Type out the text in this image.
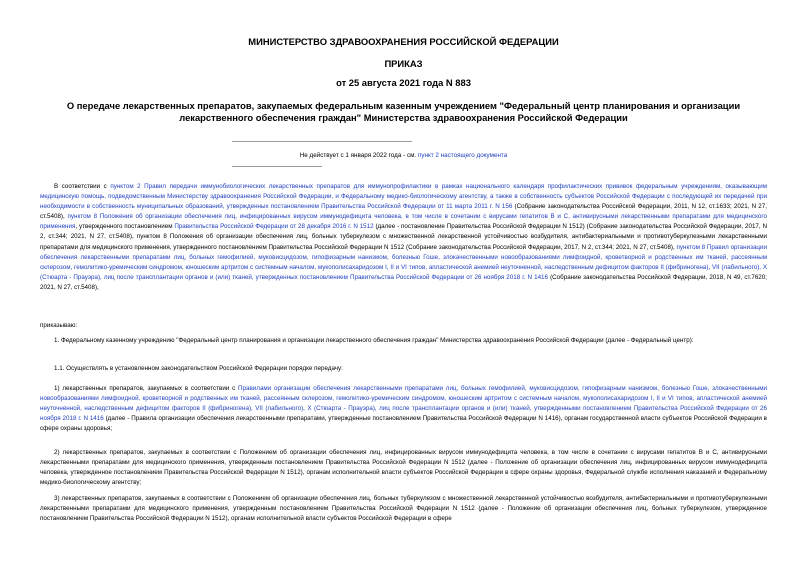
МИНИСТЕРСТВО ЗДРАВООХРАНЕНИЯ РОССИЙСКОЙ ФЕДЕРАЦИИ
ПРИКАЗ
от 25 августа 2021 года N 883
О передаче лекарственных препаратов, закупаемых федеральным казенным учреждением "Федеральный центр планирования и организации лекарственного обеспечения граждан" Министерства здравоохранения Российской Федерации
Не действует с 1 января 2022 года - см. пункт 2 настоящего документа
В соответствии с пунктом 2 Правил передачи иммунобиологических лекарственных препаратов для иммунопрофилактики в рамках национального календаря профилактических прививок федеральным учреждениям, оказывающим медицинскую помощь, подведомственным Министерству здравоохранения Российской Федерации, и Федеральному медико-биологическому агентству, а также в собственность субъектов Российской Федерации с последующей их передачей при необходимости в собственность муниципальных образований, утвержденных постановлением Правительства Российской Федерации от 11 марта 2011 г. N 156 (Собрание законодательства Российской Федерации, 2011, N 12, ст.1633; 2021, N 27, ст.5408), пунктом 8 Положения об организации обеспечения лиц, инфицированных вирусом иммунодефицита человека, в том числе в сочетании с вирусами гепатитов B и C, антивирусными лекарственными препаратами для медицинского применения, утвержденного постановлением Правительства Российской Федерации от 28 декабря 2016 г. N 1512 (далее - постановление Правительства Российской Федерации N 1512) (Собрание законодательства Российской Федерации, 2017, N 2, ст.344; 2021, N 27, ст.5408), пунктом 8 Положения об организации обеспечения лиц, больных туберкулезом с множественной лекарственной устойчивостью возбудителя, антибактериальными и противотуберкулезными лекарственными препаратами для медицинского применения, утвержденного постановлением Правительства Российской Федерации N 1512 (Собрание законодательства Российской Федерации, 2017, N 2, ст.344; 2021, N 27, ст.5408), пунктом 8 Правил организации обеспечения лекарственными препаратами лиц, больных гемофилией, муковисцидозом, гипофизарным нанизмом, болезнью Гоше, злокачественными новообразованиями лимфоидной, кроветворной и родственных им тканей, рассеянным склерозом, гемолитико-уремическим синдромом, юношеским артритом с системным началом, мукополисахаридозом I, II и VI типов, апластической анемией неуточненной, наследственным дефицитом факторов II (фибриногена), VII (лабильного), X (Стюарта - Прауэра), лиц после трансплантации органов и (или) тканей, утвержденных постановлением Правительства Российской Федерации от 26 ноября 2018 г. N 1416 (Собрание законодательства Российской Федерации, 2018, N 49, ст.7620; 2021, N 27, ст.5408),
приказываю:
1. Федеральному казенному учреждению "Федеральный центр планирования и организации лекарственного обеспечения граждан" Министерства здравоохранения Российской Федерации (далее - Федеральный центр):
1.1. Осуществлять в установленном законодательством Российской Федерации порядке передачу:
1) лекарственных препаратов, закупаемых в соответствии с Правилами организации обеспечения лекарственными препаратами лиц, больных гемофилией, муковисцидозом, гипофизарным нанизмом, болезнью Гоше, злокачественными новообразованиями лимфоидной, кроветворной и родственных им тканей, рассеянным склерозом, гемолитико-уремическим синдромом, юношеским артритом с системным началом, мукополисахаридозом I, II и VI типов, апластической анемией неуточненной, наследственным дефицитом факторов II (фибриногена), VII (лабильного), X (Стюарта - Прауэра), лиц после трансплантации органов и (или) тканей, утвержденными постановлением Правительства Российской Федерации от 26 ноября 2018 г. N 1416 (далее - Правила организации обеспечения лекарственными препаратами, утвержденные постановлением Правительства Российской Федерации N 1416), органам государственной власти субъектов Российской Федерации в сфере охраны здоровья;
2) лекарственных препаратов, закупаемых в соответствии с Положением об организации обеспечения лиц, инфицированных вирусом иммунодефицита человека, в том числе в сочетании с вирусами гепатитов B и C, антивирусными лекарственными препаратами для медицинского применения, утвержденным постановлением Правительства Российской Федерации N 1512 (далее - Положение об организации обеспечения лиц, инфицированных вирусом иммунодефицита человека, утвержденное постановлением Правительства Российской Федерации N 1512), органам исполнительной власти субъектов Российской Федерации в сфере охраны здоровья, Федеральной службе исполнения наказаний и Федеральному медико-биологическому агентству;
3) лекарственных препаратов, закупаемых в соответствии с Положением об организации обеспечения лиц, больных туберкулезом с множественной лекарственной устойчивостью возбудителя, антибактериальными и противотуберкулезными лекарственными препаратами для медицинского применения, утвержденным постановлением Правительства Российской Федерации N 1512 (далее - Положение об организации обеспечения лиц, больных туберкулезом, утвержденное постановлением Правительства Российской Федерации N 1512), органам исполнительной власти субъектов Российской Федерации в сфере
